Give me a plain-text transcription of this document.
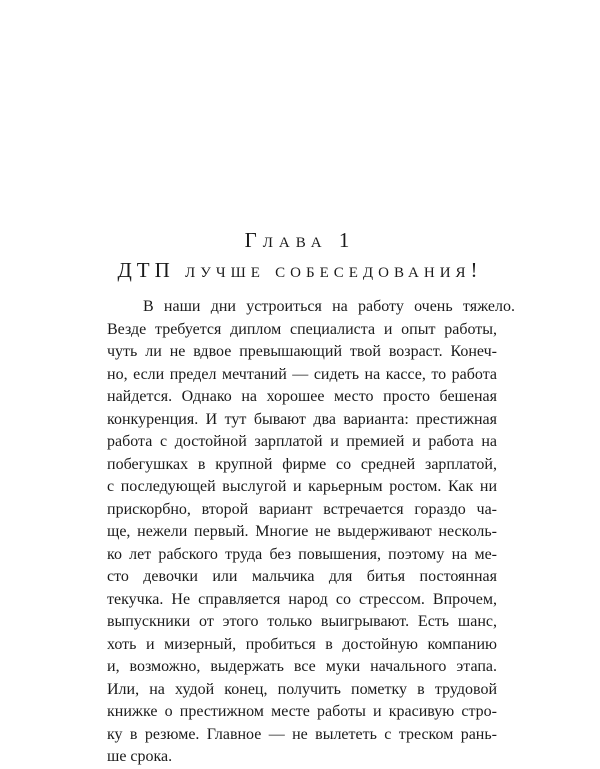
Глава 1
ДТП лучше собеседования!
В наши дни устроиться на работу очень тяжело.
Везде требуется диплом специалиста и опыт работы,
чуть ли не вдвое превышающий твой возраст. Конеч-
но, если предел мечтаний — сидеть на кассе, то работа
найдется. Однако на хорошее место просто бешеная
конкуренция. И тут бывают два варианта: престижная
работа с достойной зарплатой и премией и работа на
побегушках в крупной фирме со средней зарплатой,
с последующей выслугой и карьерным ростом. Как ни
прискорбно, второй вариант встречается гораздо ча-
ще, нежели первый. Многие не выдерживают несколь-
ко лет рабского труда без повышения, поэтому на ме-
сто девочки или мальчика для битья постоянная
текучка. Не справляется народ со стрессом. Впрочем,
выпускники от этого только выигрывают. Есть шанс,
хоть и мизерный, пробиться в достойную компанию
и, возможно, выдержать все муки начального этапа.
Или, на худой конец, получить пометку в трудовой
книжке о престижном месте работы и красивую стро-
ку в резюме. Главное — не вылететь с треском рань-
ше срока.
